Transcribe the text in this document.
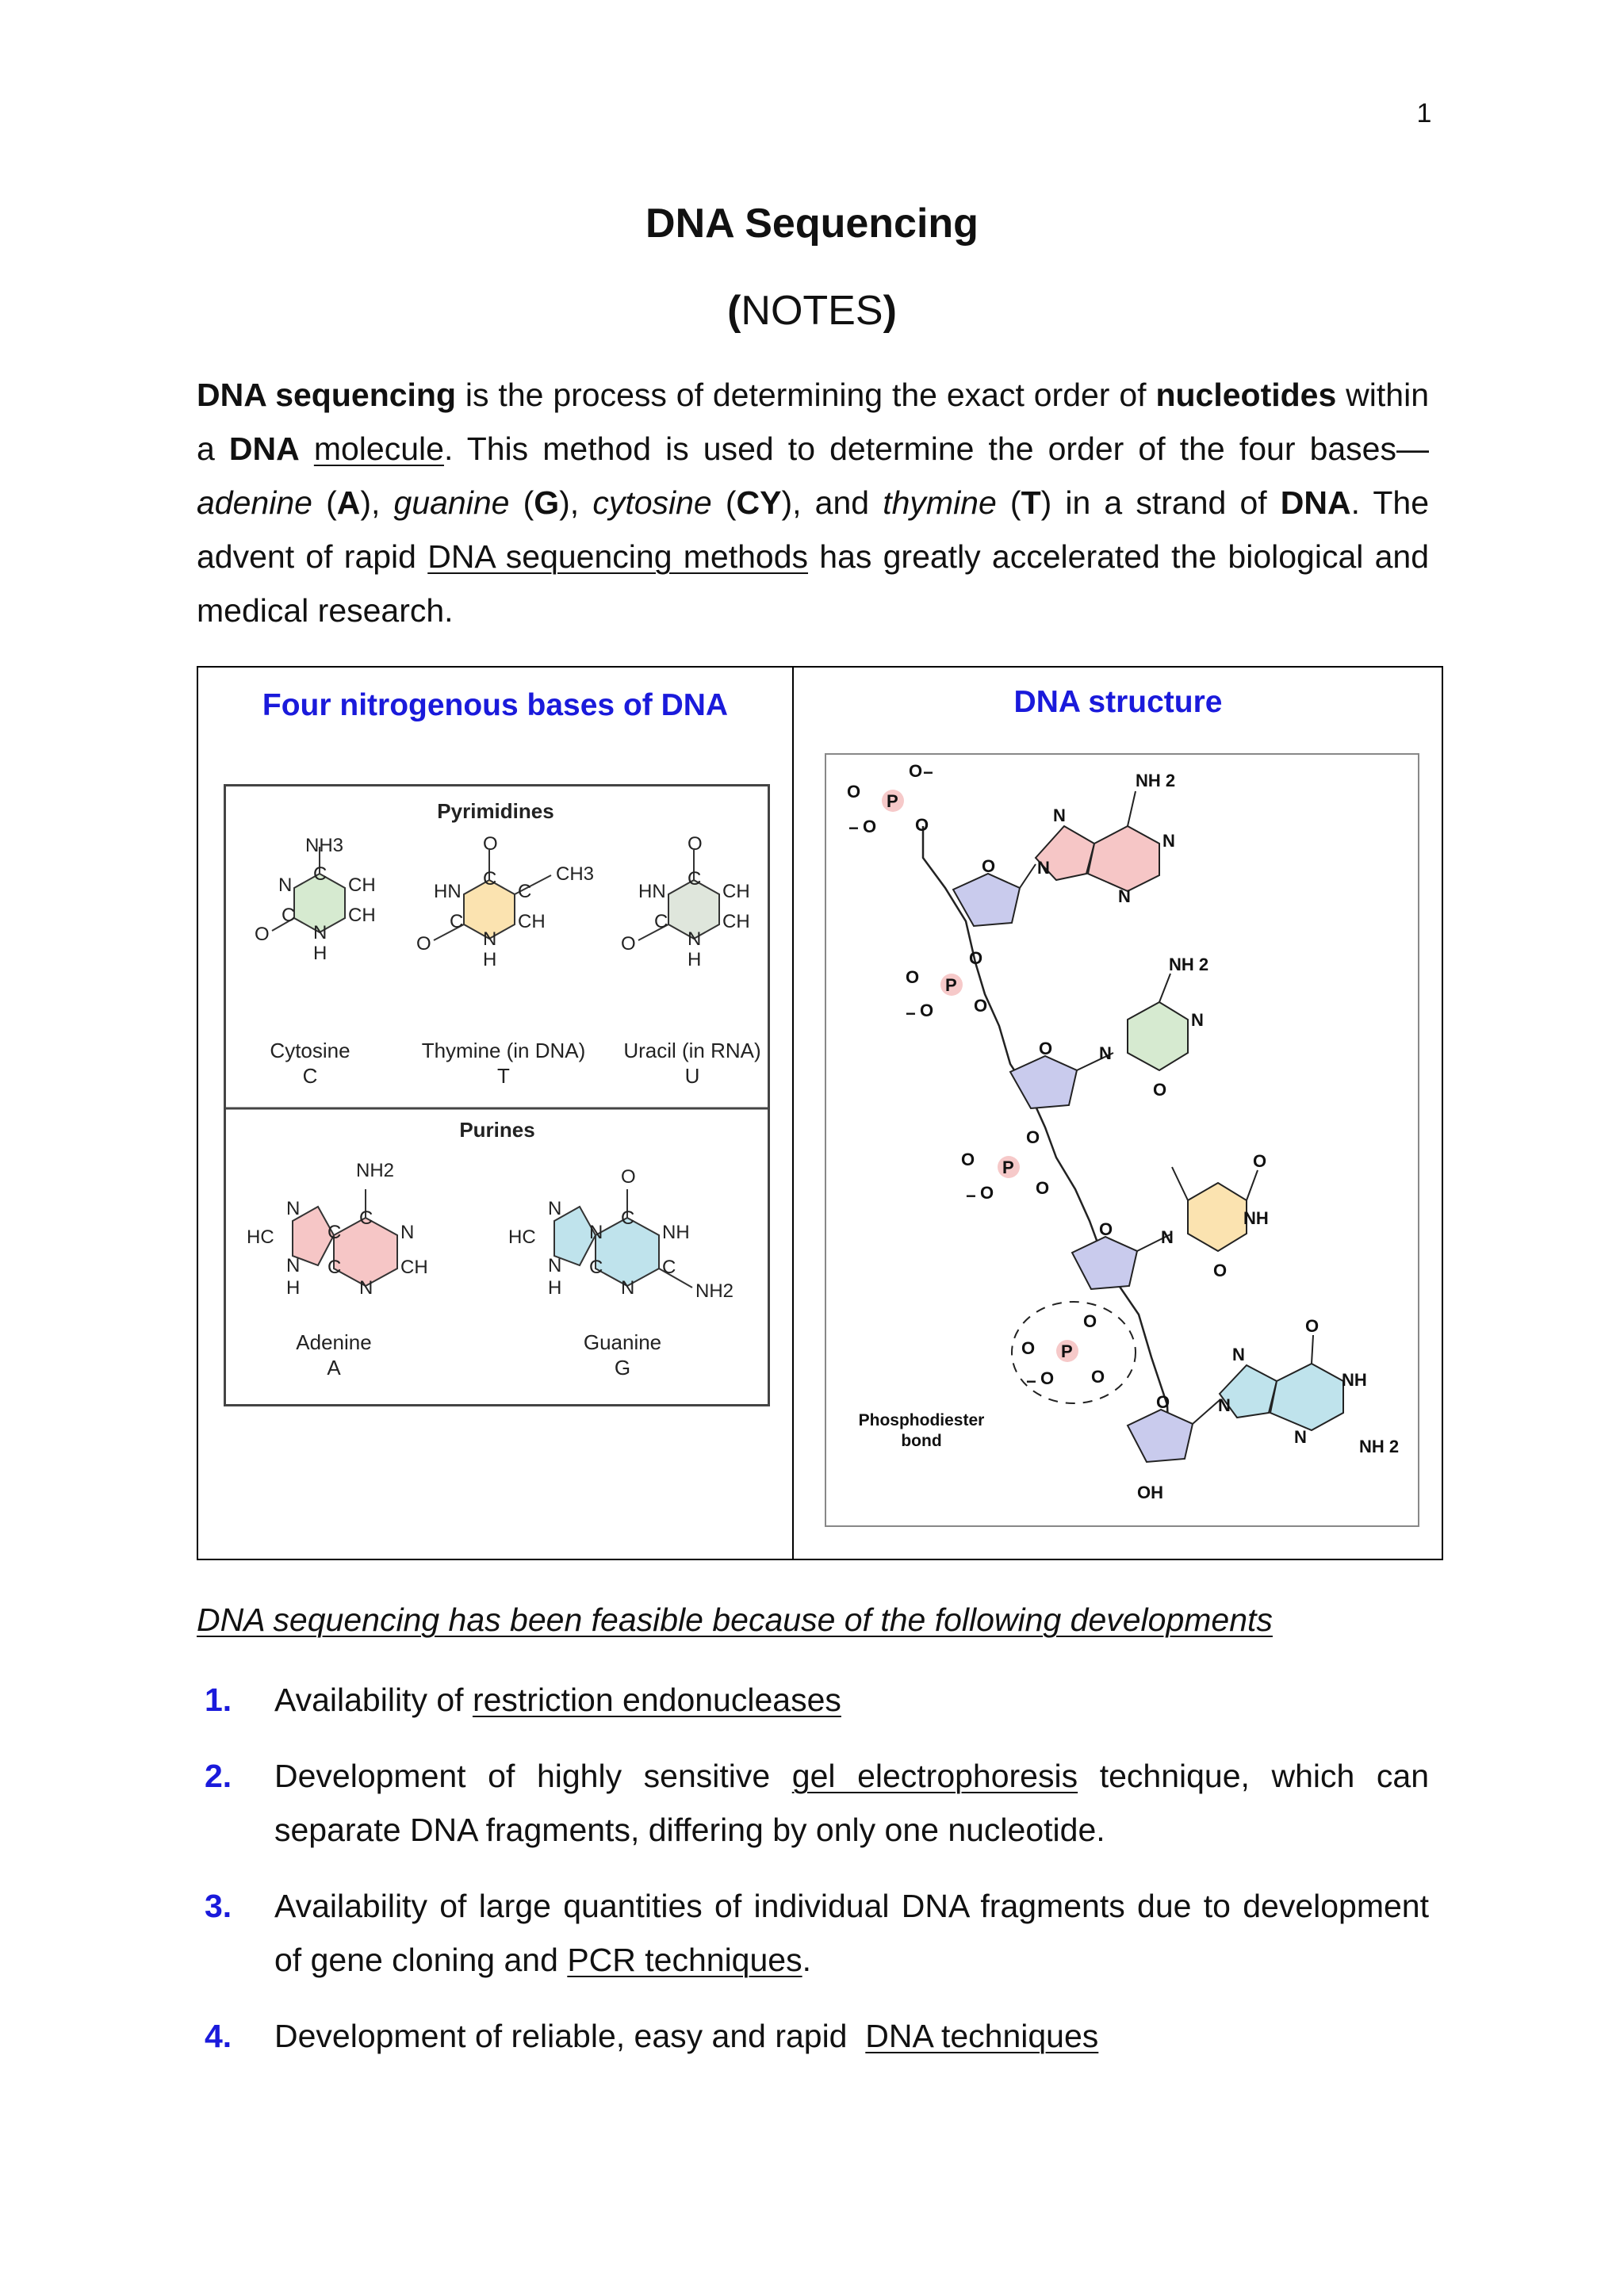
1
DNA Sequencing
(NOTES)

DNA sequencing is the process of determining the exact order of nucleotides within a DNA molecule. This method is used to determine the order of the four bases—adenine (A), guanine (G), cytosine (CY), and thymine (T) in a strand of DNA. The advent of rapid DNA sequencing methods has greatly accelerated the biological and medical research.

Four nitrogenous bases of DNA	DNA structure
Pyrimidines
Purines
NH3
C
CH
CH
N
C
N
H
O
Cytosine
C
O
C	CH3
C
CH
HN
C
N
H
O
Thymine (in DNA)
T
O
C
CH
CH
HN
C
N
H
O
Uracil (in RNA)
U
NH2
C
N
CH
N
C
C
N
HC
N
H
Adenine
A
O
C
NH
C
NH2
N
N
C
N
HC
N
H
Guanine
G
P
O
O −
− O O
O
NH 2
N
N
N
N
P
O
O
− O O
O
NH 2
N
N
O
P
O
O
− O O
O
O
NH
N
O
P
O
O
− O O
Phosphodiester
bond
O
O
N
N
NH
N	NH 2
OH
DNA sequencing has been feasible because of the following developments
1. Availability of restriction endonucleases
2. Development of highly sensitive gel electrophoresis technique, which can separate DNA fragments, differing by only one nucleotide.
3. Availability of large quantities of individual DNA fragments due to development of gene cloning and PCR techniques.
4. Development of reliable, easy and rapid  DNA techniques
